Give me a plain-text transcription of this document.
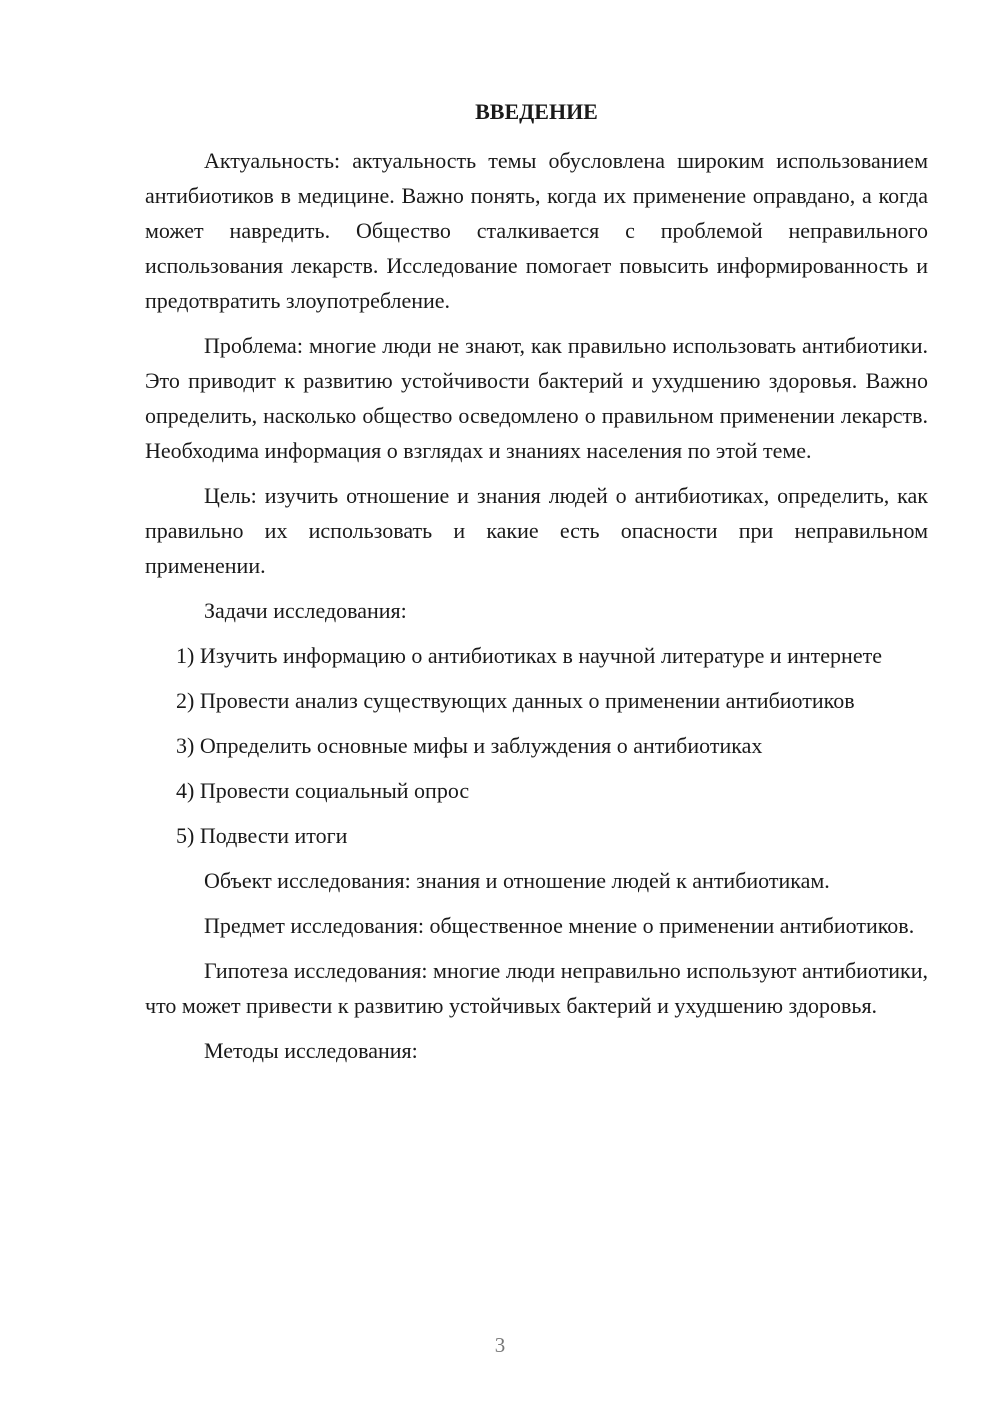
ВВЕДЕНИЕ

Актуальность: актуальность темы обусловлена широким использованием антибиотиков в медицине. Важно понять, когда их применение оправдано, а когда может навредить. Общество сталкивается с проблемой неправильного использования лекарств. Исследование помогает повысить информированность и предотвратить злоупотребление.

Проблема: многие люди не знают, как правильно использовать антибиотики. Это приводит к развитию устойчивости бактерий и ухудшению здоровья. Важно определить, насколько общество осведомлено о правильном применении лекарств. Необходима информация о взглядах и знаниях населения по этой теме.

Цель: изучить отношение и знания людей о антибиотиках, определить, как правильно их использовать и какие есть опасности при неправильном применении.

Задачи исследования:

1) Изучить информацию о антибиотиках в научной литературе и интернете

2) Провести анализ существующих данных о применении антибиотиков

3) Определить основные мифы и заблуждения о антибиотиках

4) Провести социальный опрос

5) Подвести итоги

Объект исследования: знания и отношение людей к антибиотикам.

Предмет исследования: общественное мнение о применении антибиотиков.

Гипотеза исследования: многие люди неправильно используют антибиотики, что может привести к развитию устойчивых бактерий и ухудшению здоровья.

Методы исследования:

3
